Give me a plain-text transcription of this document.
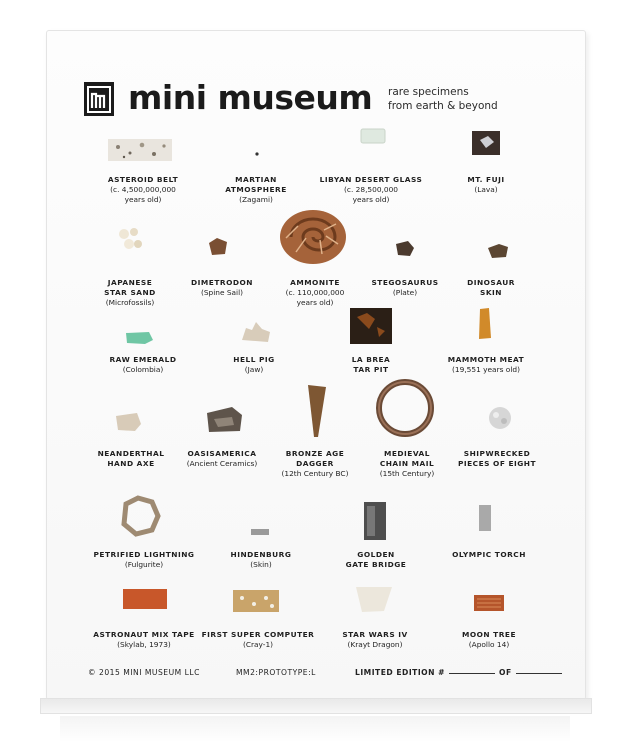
mini museum rare specimens
from earth & beyond
ASTEROID BELT
(c. 4,500,000,000
years old)
MARTIAN
ATMOSPHERE
(Zagami)
LIBYAN DESERT GLASS
(c. 28,500,000
years old)
MT. FUJI
(Lava)
JAPANESE
STAR SAND
(Microfossils)
DIMETRODON
(Spine Sail)
AMMONITE
(c. 110,000,000
years old)
STEGOSAURUS
(Plate)
DINOSAUR
SKIN
RAW EMERALD
(Colombia)
HELL PIG
(Jaw)
LA BREA
TAR PIT
MAMMOTH MEAT
(19,551 years old)
NEANDERTHAL
HAND AXE
OASISAMERICA
(Ancient Ceramics)
BRONZE AGE
DAGGER
(12th Century BC)
MEDIEVAL
CHAIN MAIL
(15th Century)
SHIPWRECKED
PIECES OF EIGHT
PETRIFIED LIGHTNING
(Fulgurite)
HINDENBURG
(Skin)
GOLDEN
GATE BRIDGE
OLYMPIC TORCH
ASTRONAUT MIX TAPE
(Skylab, 1973)
FIRST SUPER COMPUTER
(Cray-1)
STAR WARS IV
(Krayt Dragon)
MOON TREE
(Apollo 14)
© 2015 MINI MUSEUM LLC	MM2:PROTOTYPE:L	LIMITED EDITION #	OF
